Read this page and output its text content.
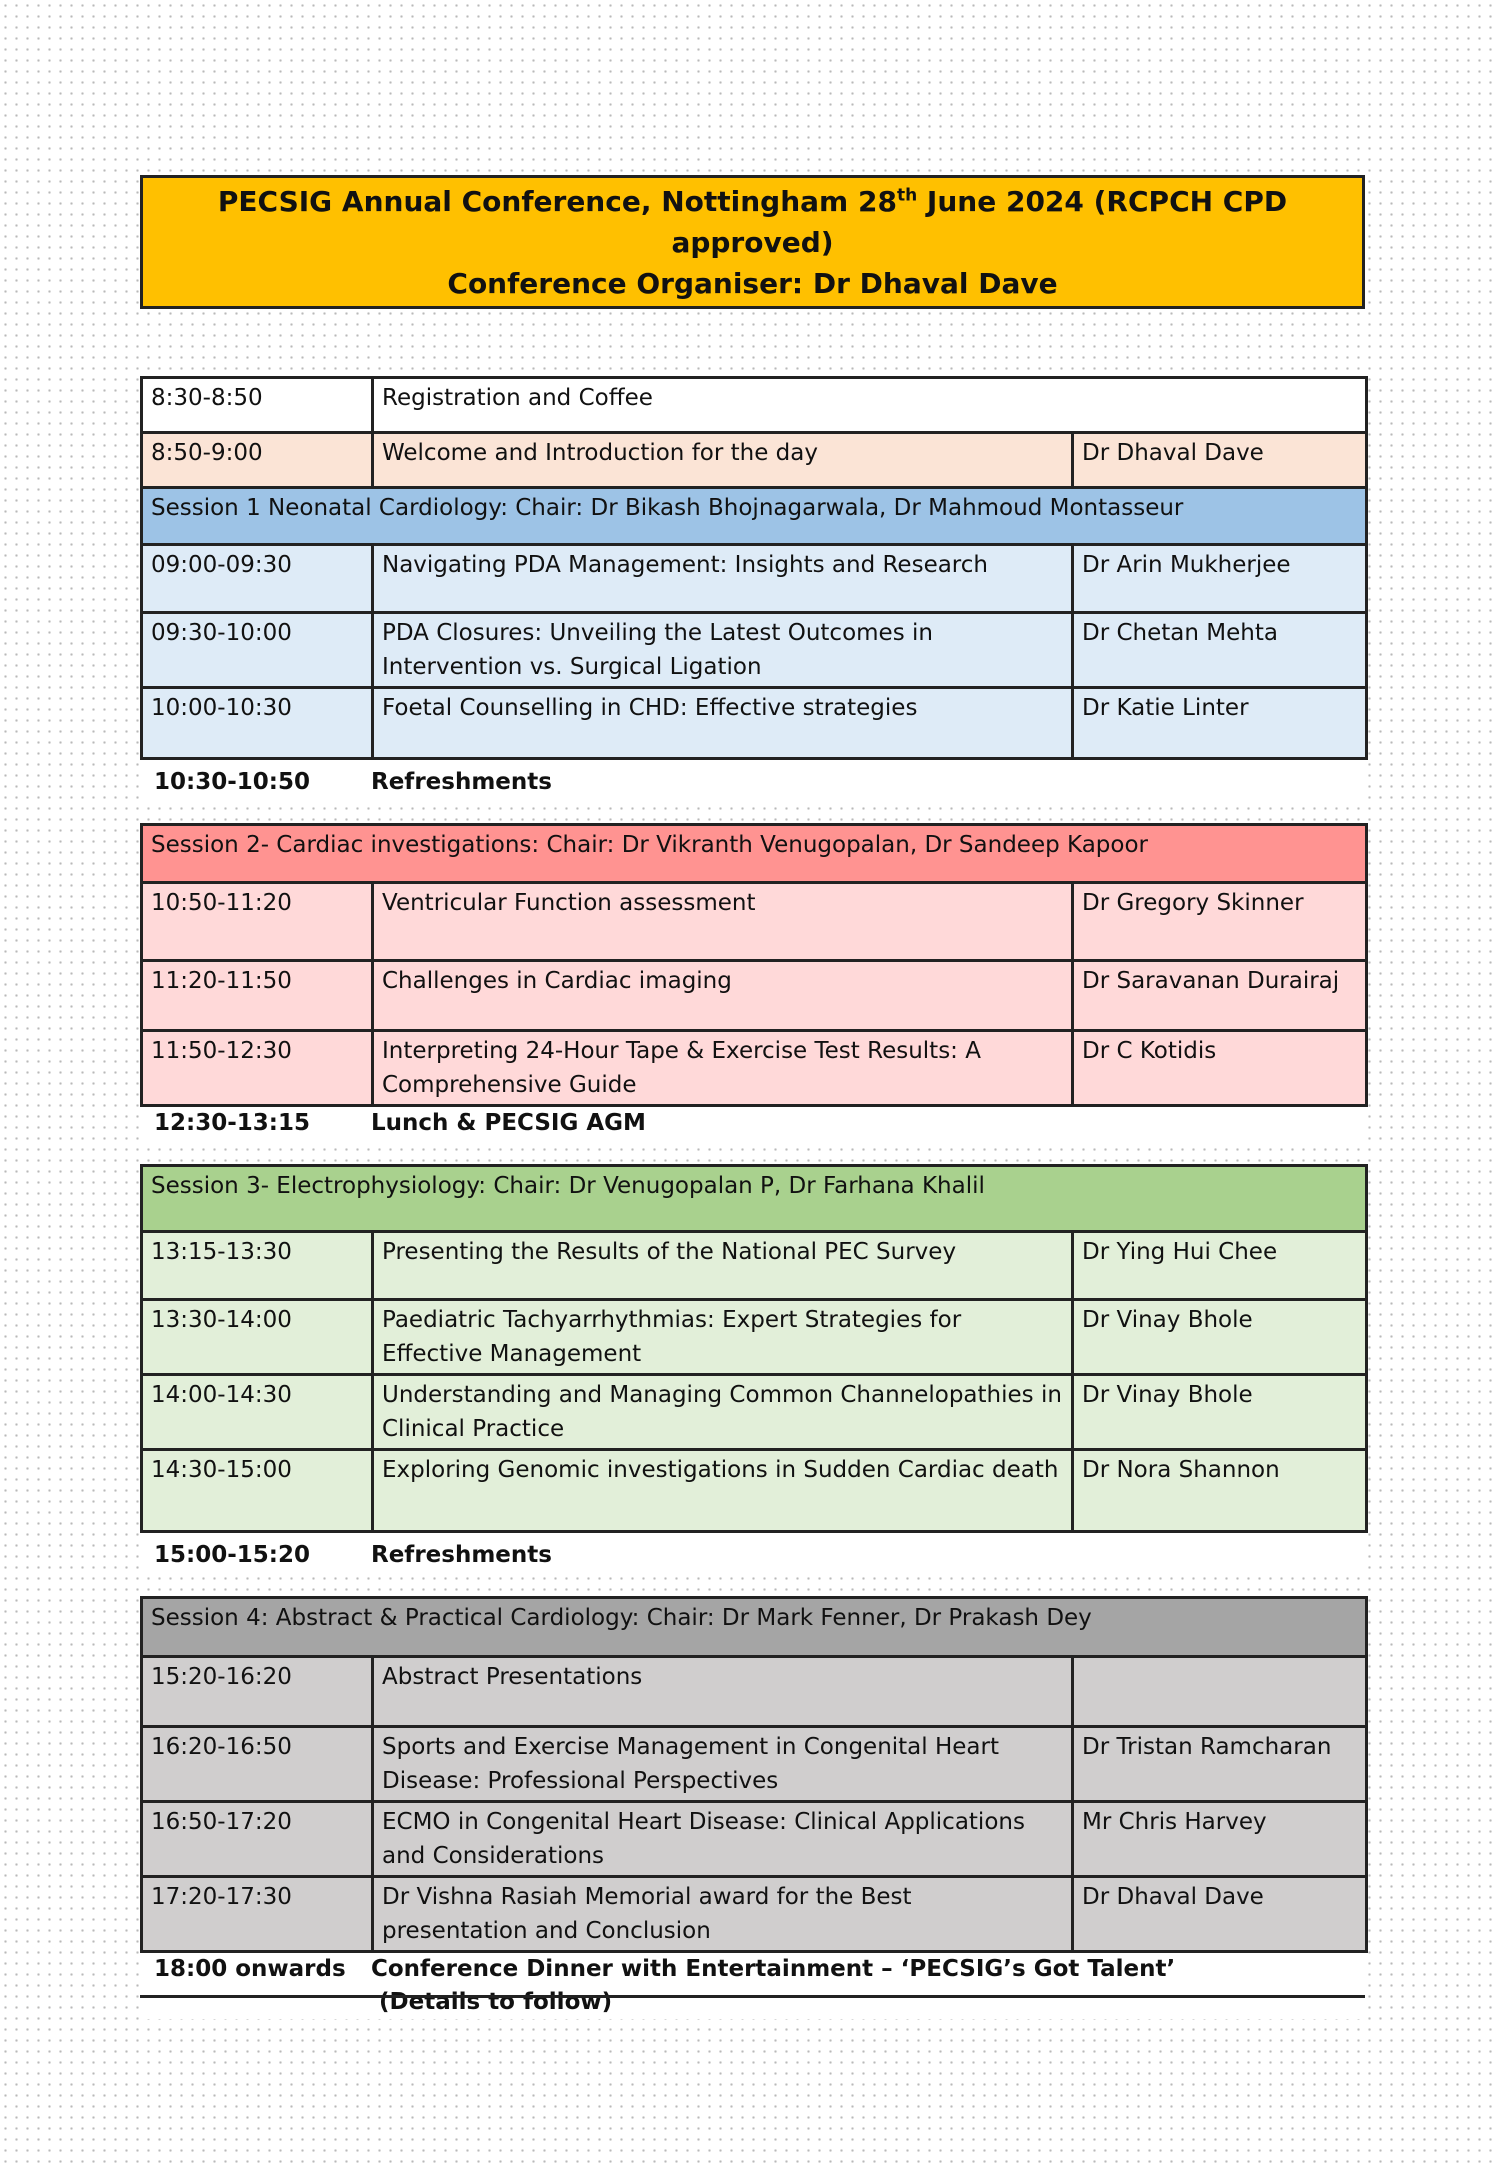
PECSIG Annual Conference, Nottingham 28th June 2024 (RCPCH CPD approved)
Conference Organiser: Dr Dhaval Dave
8:30-8:50	Registration and Coffee	
8:50-9:00	Welcome and Introduction for the day	Dr Dhaval Dave
Session 1 Neonatal Cardiology: Chair: Dr Bikash Bhojnagarwala, Dr Mahmoud Montasseur		
09:00-09:30	Navigating PDA Management: Insights and Research	Dr Arin Mukherjee
09:30-10:00	PDA Closures: Unveiling the Latest Outcomes in Intervention vs. Surgical Ligation	Dr Chetan Mehta
10:00-10:30	Foetal Counselling in CHD: Effective strategies	Dr Katie Linter
10:30-10:50	Refreshments
Session 2- Cardiac investigations: Chair: Dr Vikranth Venugopalan, Dr Sandeep Kapoor		
10:50-11:20	Ventricular Function assessment	Dr Gregory Skinner
11:20-11:50	Challenges in Cardiac imaging	Dr Saravanan Durairaj
11:50-12:30	Interpreting 24-Hour Tape & Exercise Test Results: A Comprehensive Guide	Dr C Kotidis
12:30-13:15	Lunch & PECSIG AGM
Session 3- Electrophysiology: Chair: Dr Venugopalan P, Dr Farhana Khalil		
13:15-13:30	Presenting the Results of the National PEC Survey	Dr Ying Hui Chee
13:30-14:00	Paediatric Tachyarrhythmias: Expert Strategies for Effective Management	Dr Vinay Bhole
14:00-14:30	Understanding and Managing Common Channelopathies in Clinical Practice	Dr Vinay Bhole
14:30-15:00	Exploring Genomic investigations in Sudden Cardiac death	Dr Nora Shannon
15:00-15:20	Refreshments
Session 4: Abstract & Practical Cardiology: Chair: Dr Mark Fenner, Dr Prakash Dey		
15:20-16:20	Abstract Presentations	
16:20-16:50	Sports and Exercise Management in Congenital Heart Disease: Professional Perspectives	Dr Tristan Ramcharan
16:50-17:20	ECMO in Congenital Heart Disease: Clinical Applications and Considerations	Mr Chris Harvey
17:20-17:30	Dr Vishna Rasiah Memorial award for the Best presentation and Conclusion	Dr Dhaval Dave
18:00 onwards	Conference Dinner with Entertainment – ‘PECSIG’s Got Talent’
(Details to follow)
